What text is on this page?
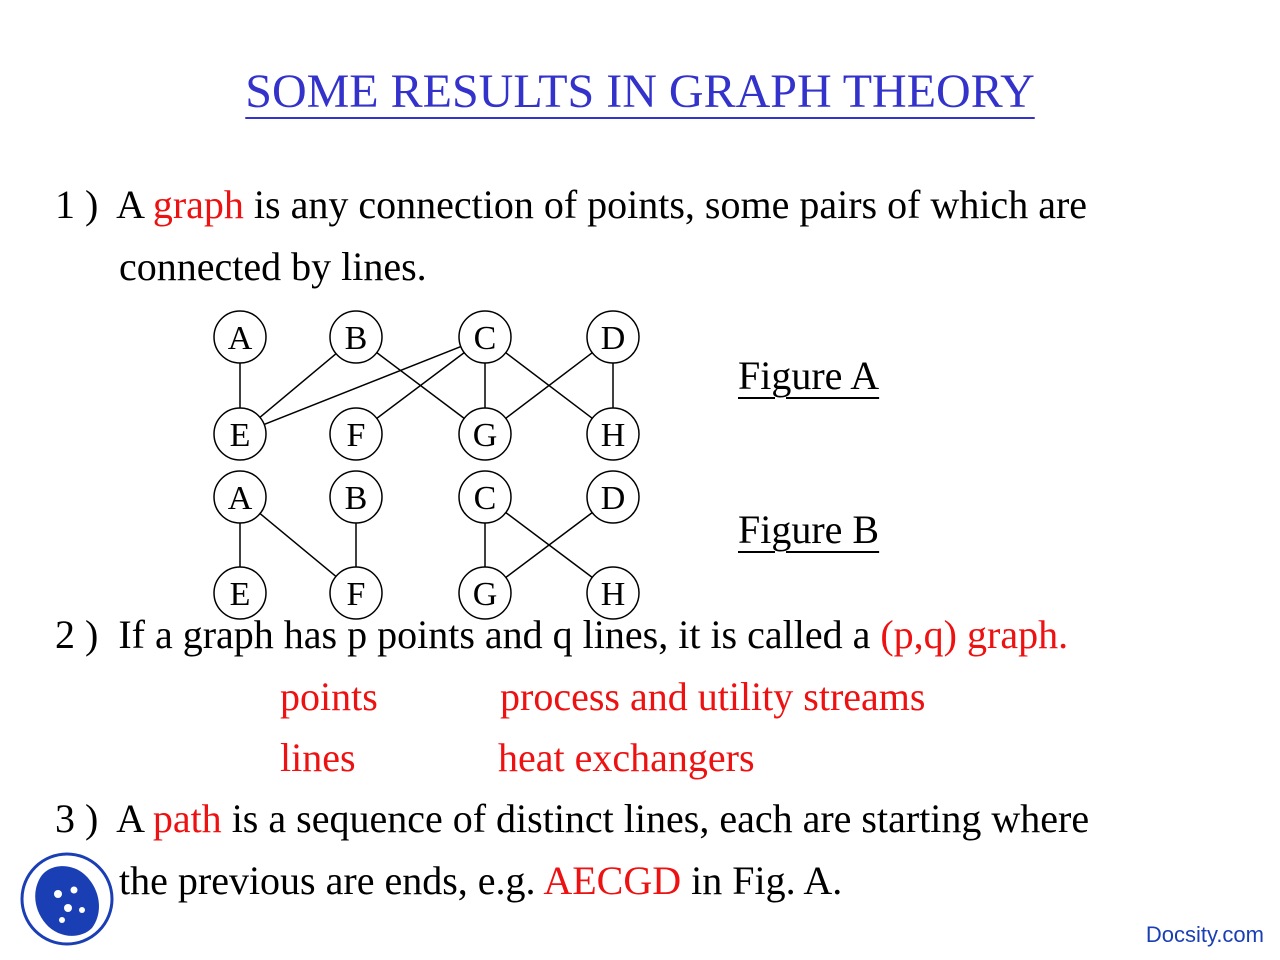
SOME RESULTS IN GRAPH THEORY
1 ) A graph is any connection of points, some pairs of which are
connected by lines.
A	B	C	D
E	F	G	H
A	B	C	D
E	F	G	H
Figure A
Figure B
2 ) If a graph has p points and q lines, it is called a (p,q) graph.
points	process and utility streams
lines	heat exchangers
3 ) A path is a sequence of distinct lines, each are starting where
the previous are ends, e.g. AECGD in Fig. A.
Docsity.com
